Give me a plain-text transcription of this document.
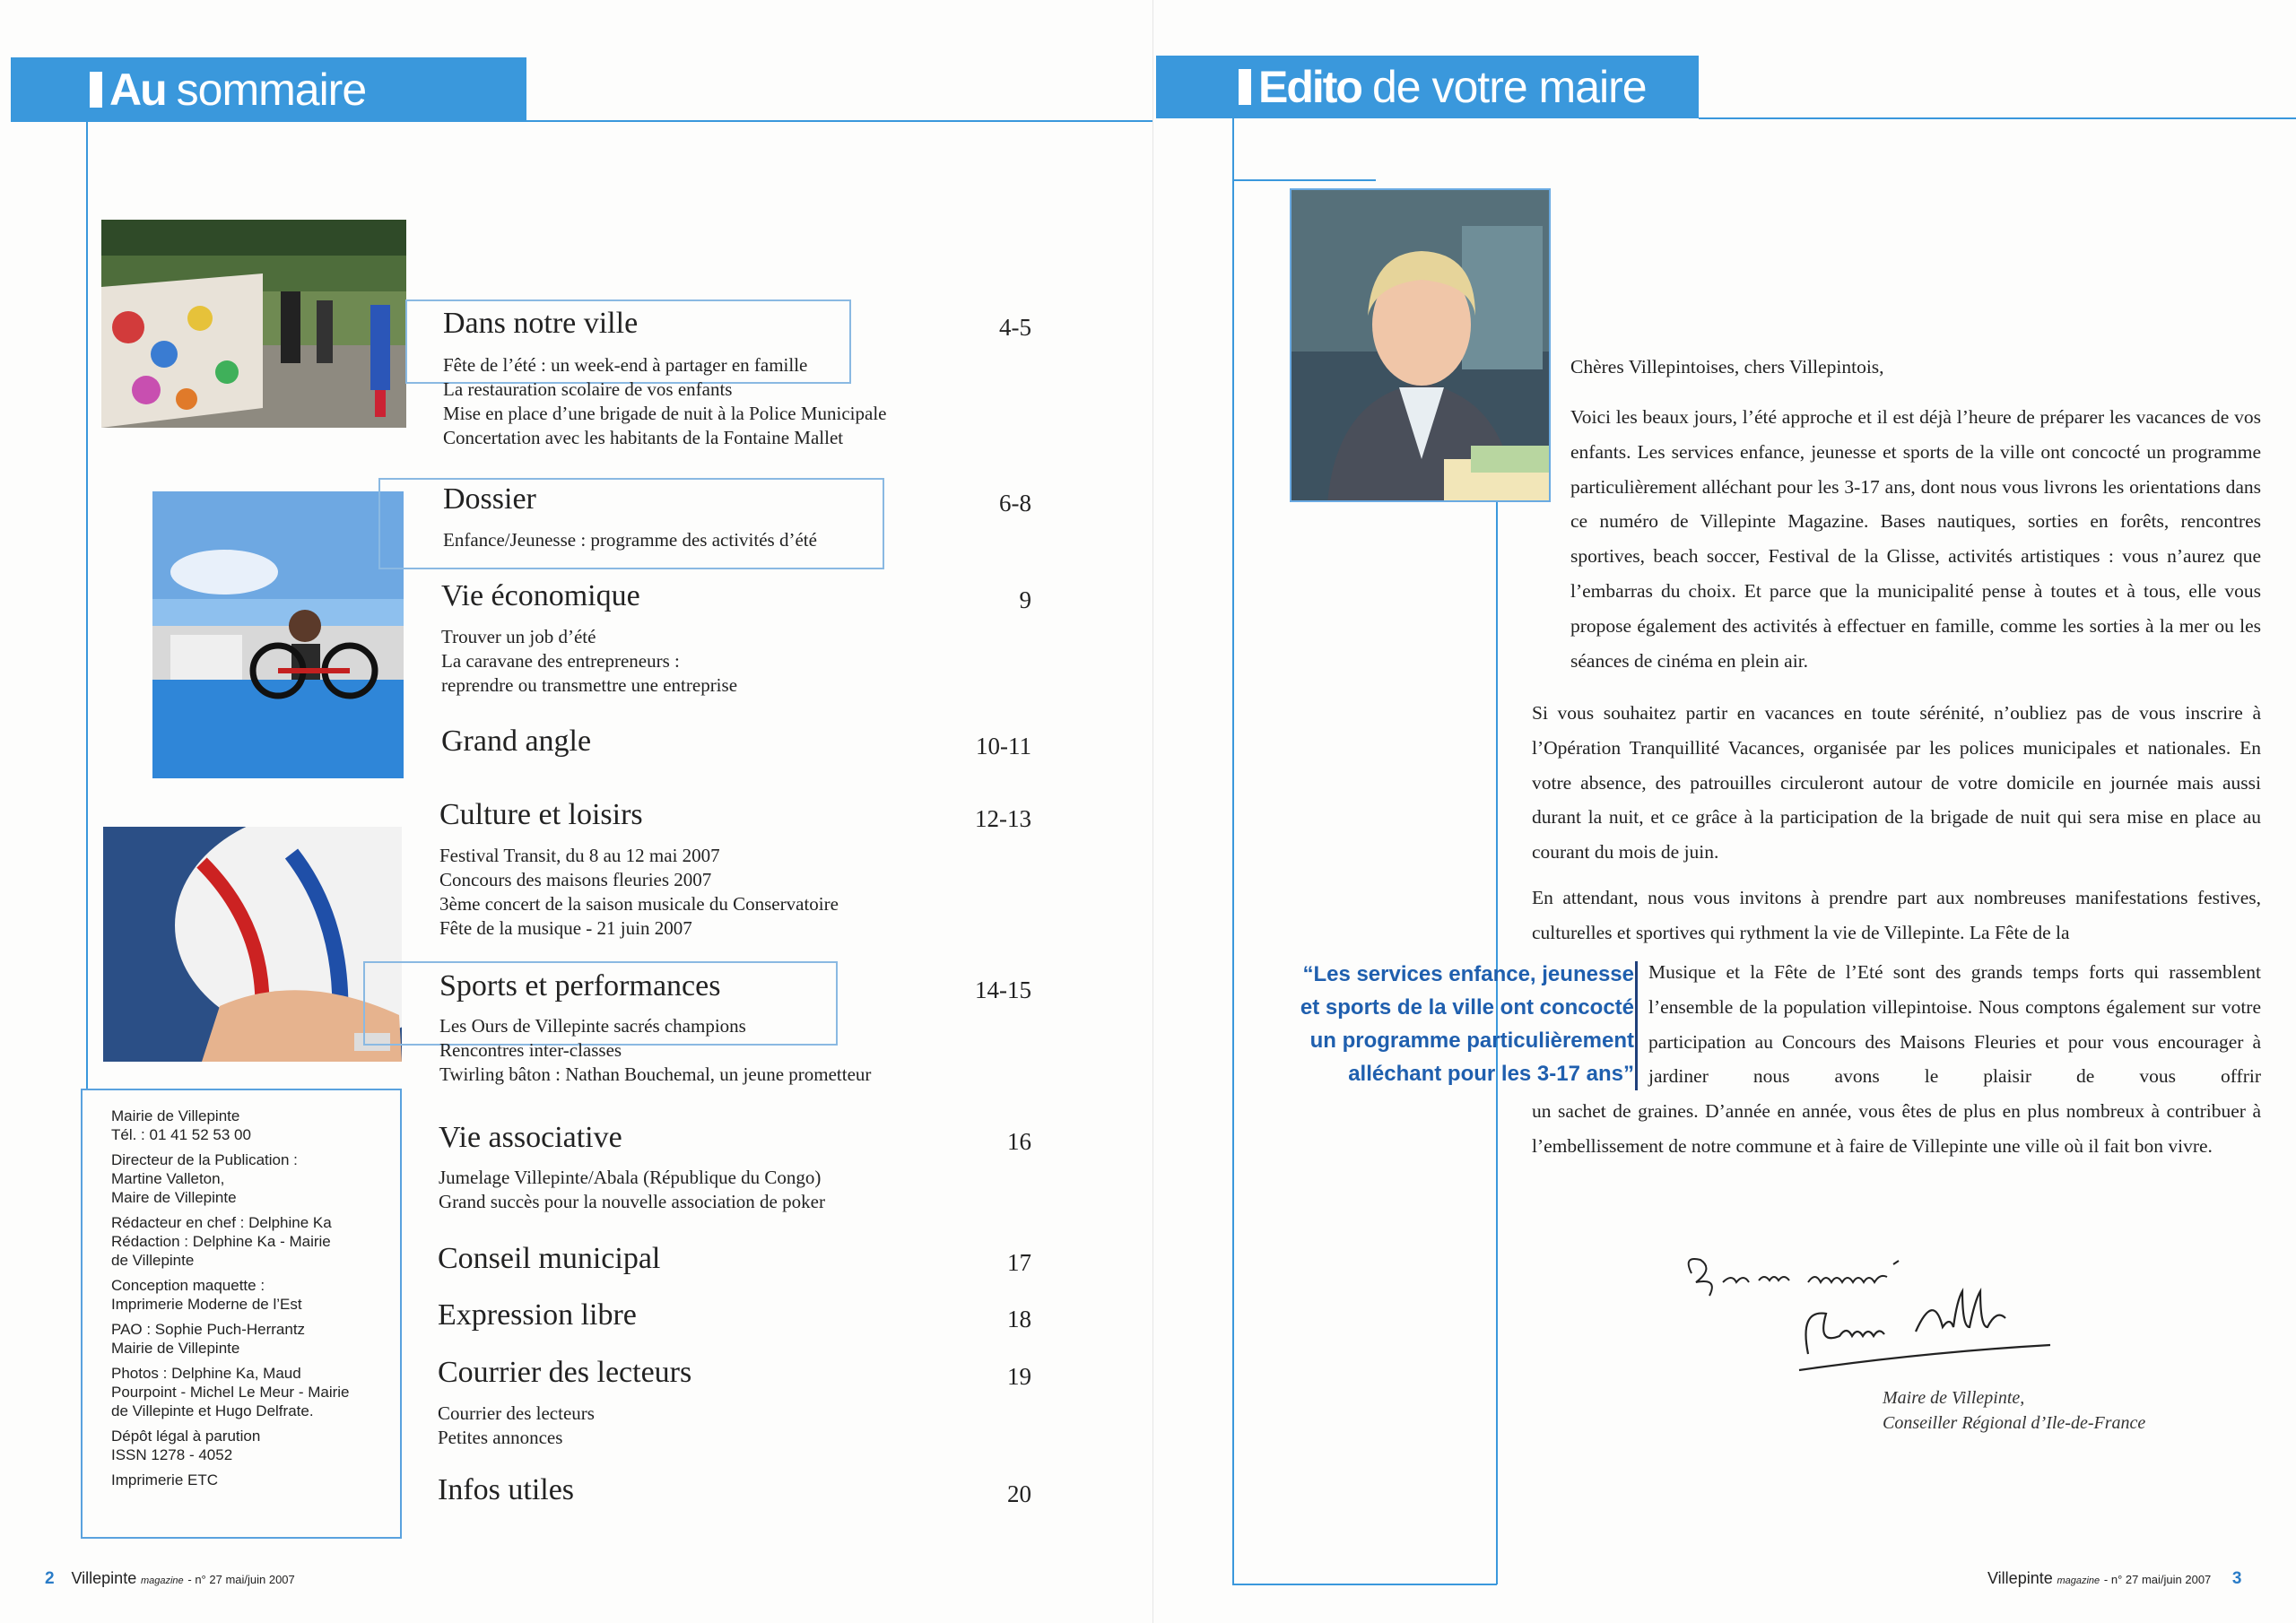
Au sommaire
Dans notre ville	4-5
Fête de l’été : un week-end à partager en famille
La restauration scolaire de vos enfants
Mise en place d’une brigade de nuit à la Police Municipale
Concertation avec les habitants de la Fontaine Mallet
Dossier	6-8
Enfance/Jeunesse : programme des activités d’été
Vie économique	9
Trouver un job d’été
La caravane des entrepreneurs :
reprendre ou transmettre une entreprise
Grand angle	10-11
Culture et loisirs	12-13
Festival Transit, du 8 au 12 mai 2007
Concours des maisons fleuries 2007
3ème concert de la saison musicale du Conservatoire
Fête de la musique - 21 juin 2007
Sports et performances	14-15
Les Ours de Villepinte sacrés champions
Rencontres inter-classes
Twirling bâton : Nathan Bouchemal, un jeune prometteur
Vie associative	16
Jumelage Villepinte/Abala (République du Congo)
Grand succès pour la nouvelle association de poker
Conseil municipal	17
Expression libre	18
Courrier des lecteurs	19
Courrier des lecteurs
Petites annonces
Infos utiles	20
Mairie de Villepinte
Tél. : 01 41 52 53 00
Directeur de la Publication :
Martine Valleton,
Maire de Villepinte
Rédacteur en chef : Delphine Ka
Rédaction : Delphine Ka - Mairie
de Villepinte
Conception maquette :
Imprimerie Moderne de l’Est
PAO : Sophie Puch-Herrantz
Mairie de Villepinte
Photos : Delphine Ka, Maud
Pourpoint - Michel Le Meur - Mairie
de Villepinte et Hugo Delfrate.
Dépôt légal à parution
ISSN 1278 - 4052
Imprimerie ETC
2 Villepinte magazine - n° 27 mai/juin 2007
Edito de votre maire

Chères Villepintoises, chers Villepintois,

Voici les beaux jours, l’été approche et il est déjà l’heure de préparer les vacances de vos enfants. Les services enfance, jeunesse et sports de la ville ont concocté un programme particulièrement alléchant pour les 3-17 ans, dont nous vous livrons les orientations dans ce numéro de Villepinte Magazine. Bases nautiques, sorties en forêts, rencontres sportives, beach soccer, Festival de la Glisse, activités artistiques : vous n’aurez que l’embarras du choix. Et parce que la municipalité pense à toutes et à tous, elle vous propose également des activités à effectuer en famille, comme les sorties à la mer ou les séances de cinéma en plein air.

Si vous souhaitez partir en vacances en toute sérénité, n’oubliez pas de vous inscrire à l’Opération Tranquillité Vacances, organisée par les polices municipales et nationales. En votre absence, des patrouilles circuleront autour de votre domicile en journée mais aussi durant la nuit, et ce grâce à la participation de la brigade de nuit qui sera mise en place au courant du mois de juin.

En attendant, nous vous invitons à prendre part aux nombreuses manifestations festives, culturelles et sportives qui rythment la vie de Villepinte. La Fête de la

Musique et la Fête de l’Eté sont des grands temps forts qui rassemblent l’ensemble de la population villepintoise. Nous comptons également sur votre participation au Concours des Maisons Fleuries et pour vous encourager à jardiner nous avons le plaisir de vous offrir

un sachet de graines. D’année en année, vous êtes de plus en plus nombreux à contribuer à l’embellissement de notre commune et à faire de Villepinte une ville où il fait bon vivre.

“Les services enfance, jeunesse
et sports de la ville ont concocté
un programme particulièrement
alléchant pour les 3-17 ans”
Maire de Villepinte,
Conseiller Régional d’Ile-de-France
Villepinte magazine - n° 27 mai/juin 2007 3
